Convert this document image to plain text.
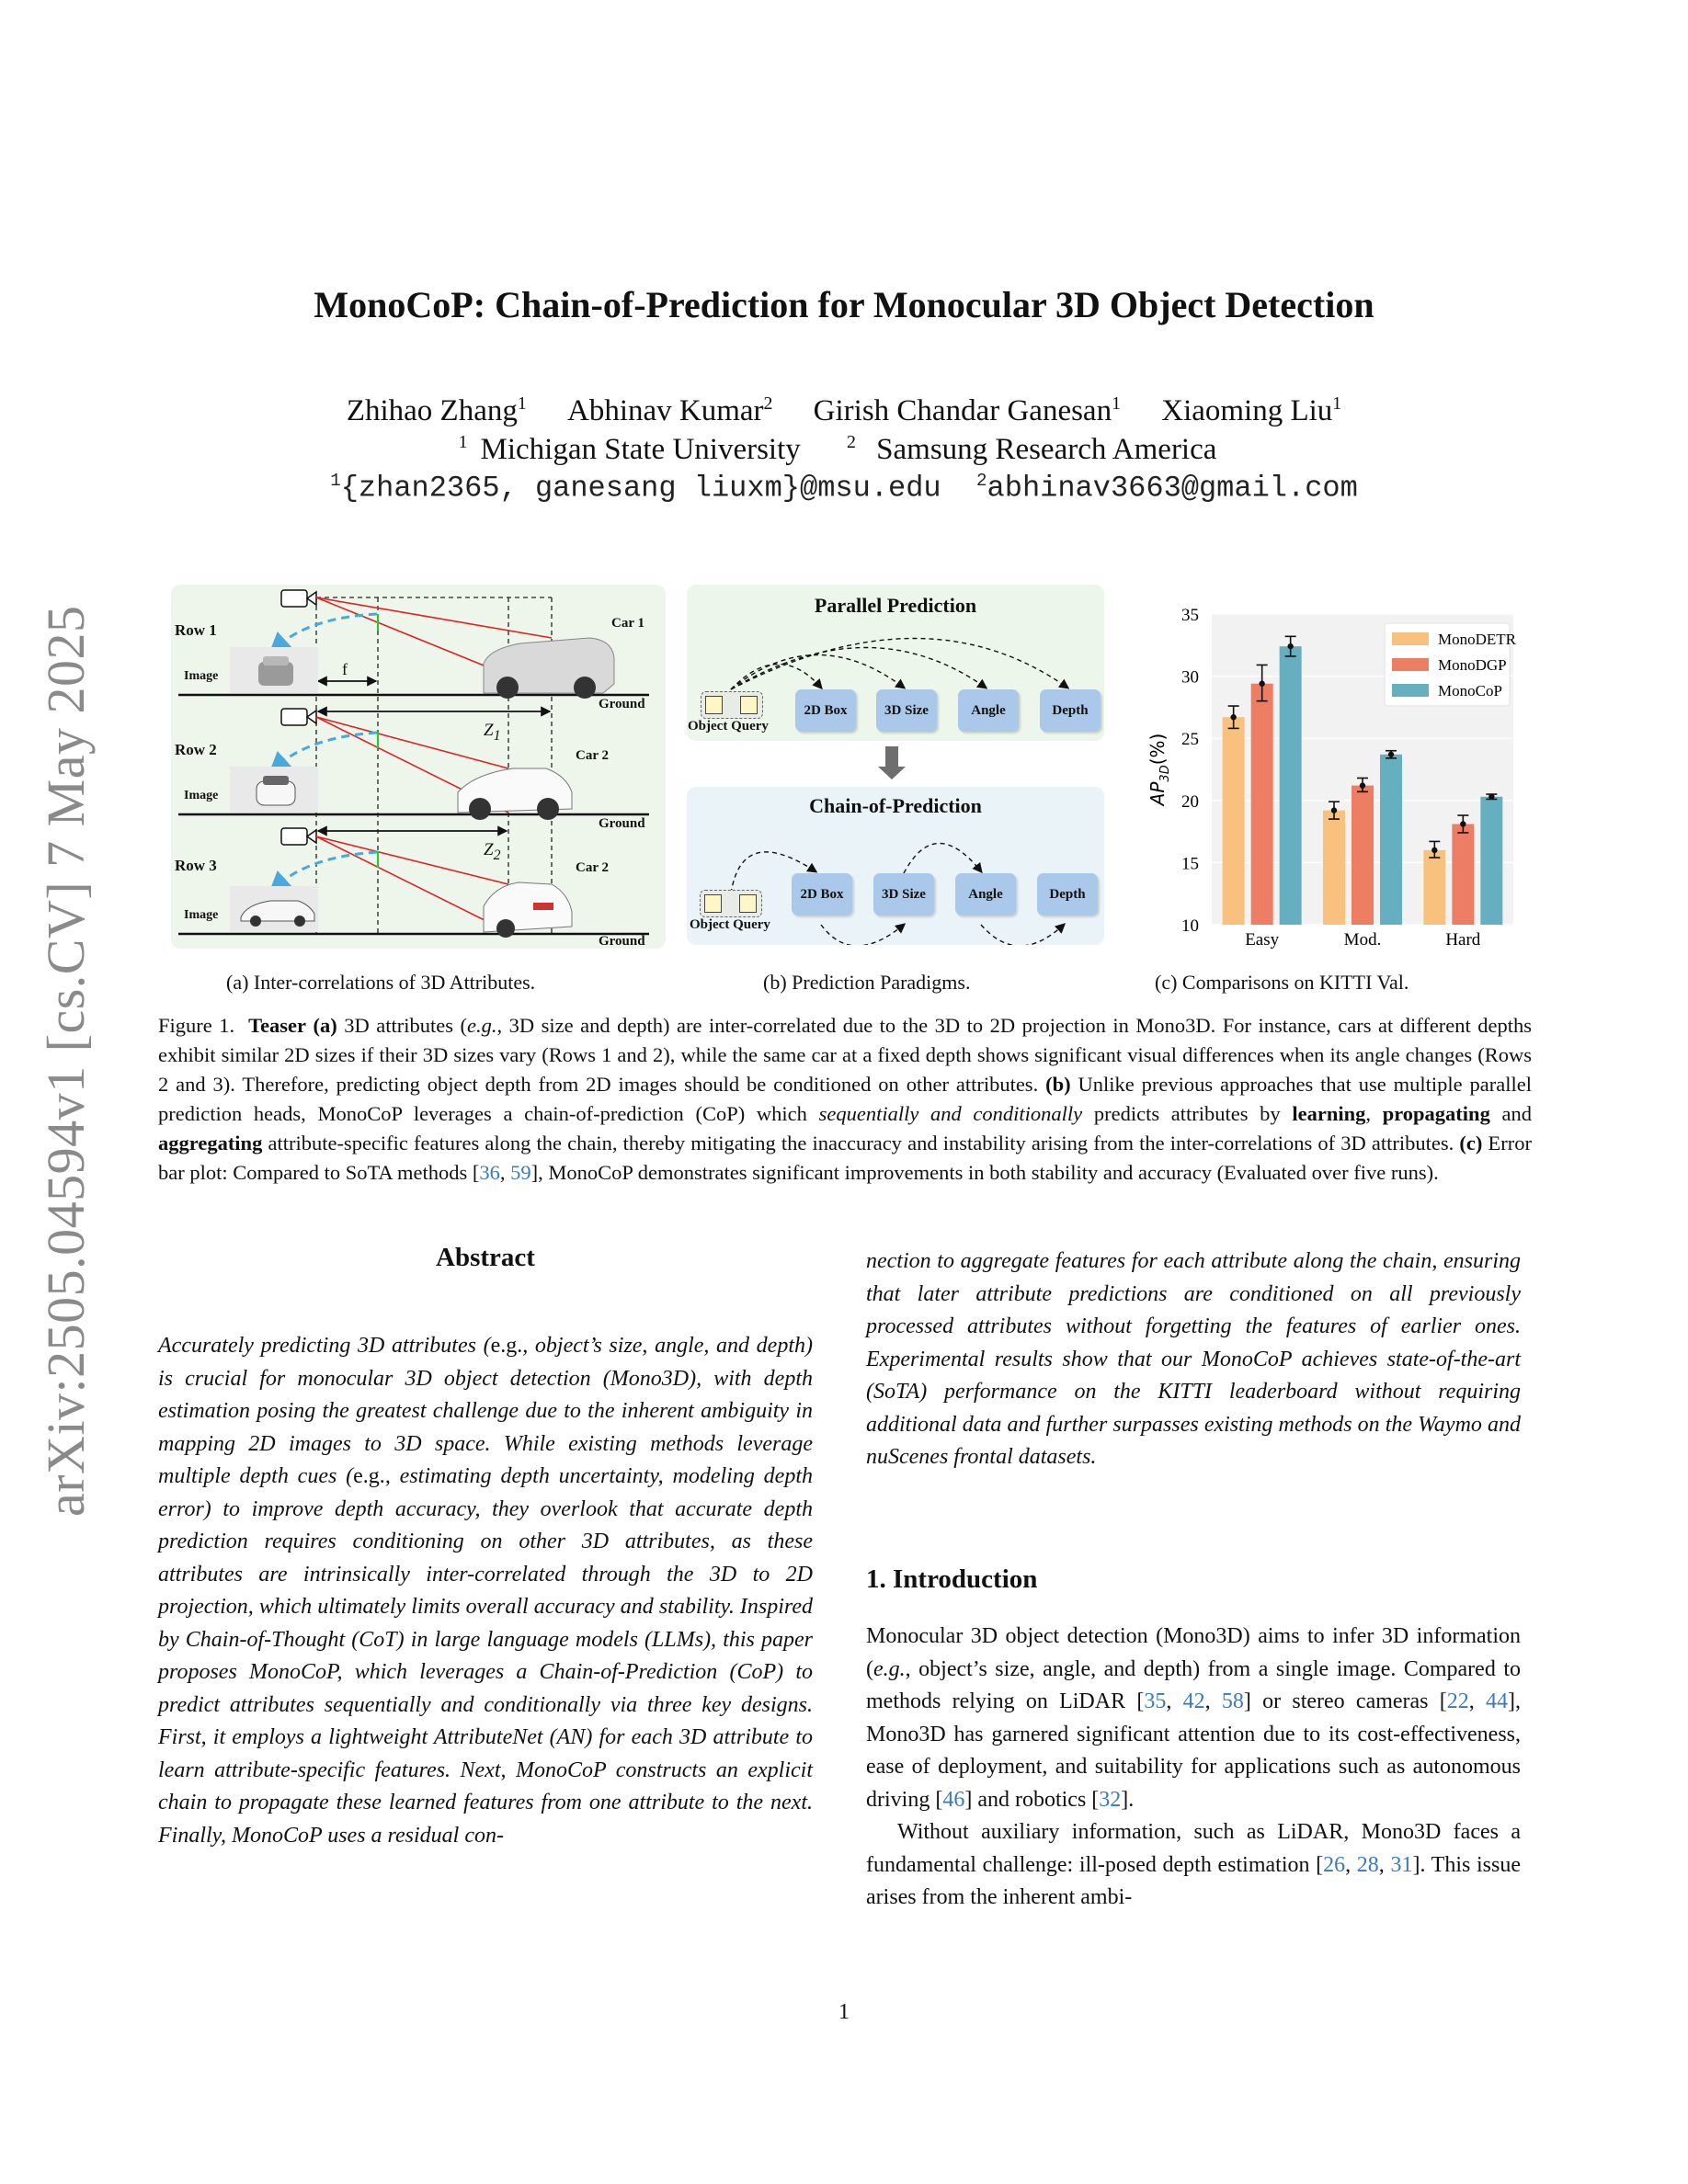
arXiv:2505.04594v1 [cs.CV] 7 May 2025
MonoCoP: Chain-of-Prediction for Monocular 3D Object Detection
Zhihao Zhang$^1$ Abhinav Kumar$^2$ Girish Chandar Ganesan$^1$ Xiaoming Liu$^1$
$^1$ Michigan State University	$^2$ Samsung Research America
$^1${zhan2365, ganesang liuxm}@msu.edu $^2$abhinav3663@gmail.com
Row 1
Row 2
Row 3
Car 1
Car 2
Car 2
Image
Image
Image
Ground
Ground
Ground
f
$Z_1$
$Z_2$
Parallel Prediction
Object Query
2D Box	3D Size	Angle	Depth
Chain-of-Prediction
Object Query
2D Box	3D Size	Angle	Depth
10
15
20
25
30
35
$AP_{3D}(\%)$
Easy	Mod.	Hard
MonoDETR
MonoDGP
MonoCoP
(a) Inter-correlations of 3D Attributes.	(b) Prediction Paradigms.	(c) Comparisons on KITTI Val.
Figure 1. Teaser (a) 3D attributes (e.g., 3D size and depth) are inter-correlated due to the 3D to 2D projection in Mono3D. For instance, cars at different depths exhibit similar 2D sizes if their 3D sizes vary (Rows 1 and 2), while the same car at a fixed depth shows significant visual differences when its angle changes (Rows 2 and 3). Therefore, predicting object depth from 2D images should be conditioned on other attributes. (b) Unlike previous approaches that use multiple parallel prediction heads, MonoCoP leverages a chain-of-prediction (CoP) which sequentially and conditionally predicts attributes by learning, propagating and aggregating attribute-specific features along the chain, thereby mitigating the inaccuracy and instability arising from the inter-correlations of 3D attributes. (c) Error bar plot: Compared to SoTA methods [36, 59], MonoCoP demonstrates significant improvements in both stability and accuracy (Evaluated over five runs).
Abstract
Accurately predicting 3D attributes (e.g., object’s size, angle, and depth) is crucial for monocular 3D object detection (Mono3D), with depth estimation posing the greatest challenge due to the inherent ambiguity in mapping 2D images to 3D space. While existing methods leverage multiple depth cues (e.g., estimating depth uncertainty, modeling depth error) to improve depth accuracy, they overlook that accurate depth prediction requires conditioning on other 3D attributes, as these attributes are intrinsically inter-correlated through the 3D to 2D projection, which ultimately limits overall accuracy and stability. Inspired by Chain-of-Thought (CoT) in large language models (LLMs), this paper proposes MonoCoP, which leverages a Chain-of-Prediction (CoP) to predict attributes sequentially and conditionally via three key designs. First, it employs a lightweight AttributeNet (AN) for each 3D attribute to learn attribute-specific features. Next, MonoCoP constructs an explicit chain to propagate these learned features from one attribute to the next. Finally, MonoCoP uses a residual con-
nection to aggregate features for each attribute along the chain, ensuring that later attribute predictions are conditioned on all previously processed attributes without forgetting the features of earlier ones. Experimental results show that our MonoCoP achieves state-of-the-art (SoTA) performance on the KITTI leaderboard without requiring additional data and further surpasses existing methods on the Waymo and nuScenes frontal datasets.
1. Introduction

Monocular 3D object detection (Mono3D) aims to infer 3D information (e.g., object’s size, angle, and depth) from a single image. Compared to methods relying on LiDAR [35, 42, 58] or stereo cameras [22, 44], Mono3D has garnered significant attention due to its cost-effectiveness, ease of deployment, and suitability for applications such as autonomous driving [46] and robotics [32].

Without auxiliary information, such as LiDAR, Mono3D faces a fundamental challenge: ill-posed depth estimation [26, 28, 31]. This issue arises from the inherent ambi-

1
